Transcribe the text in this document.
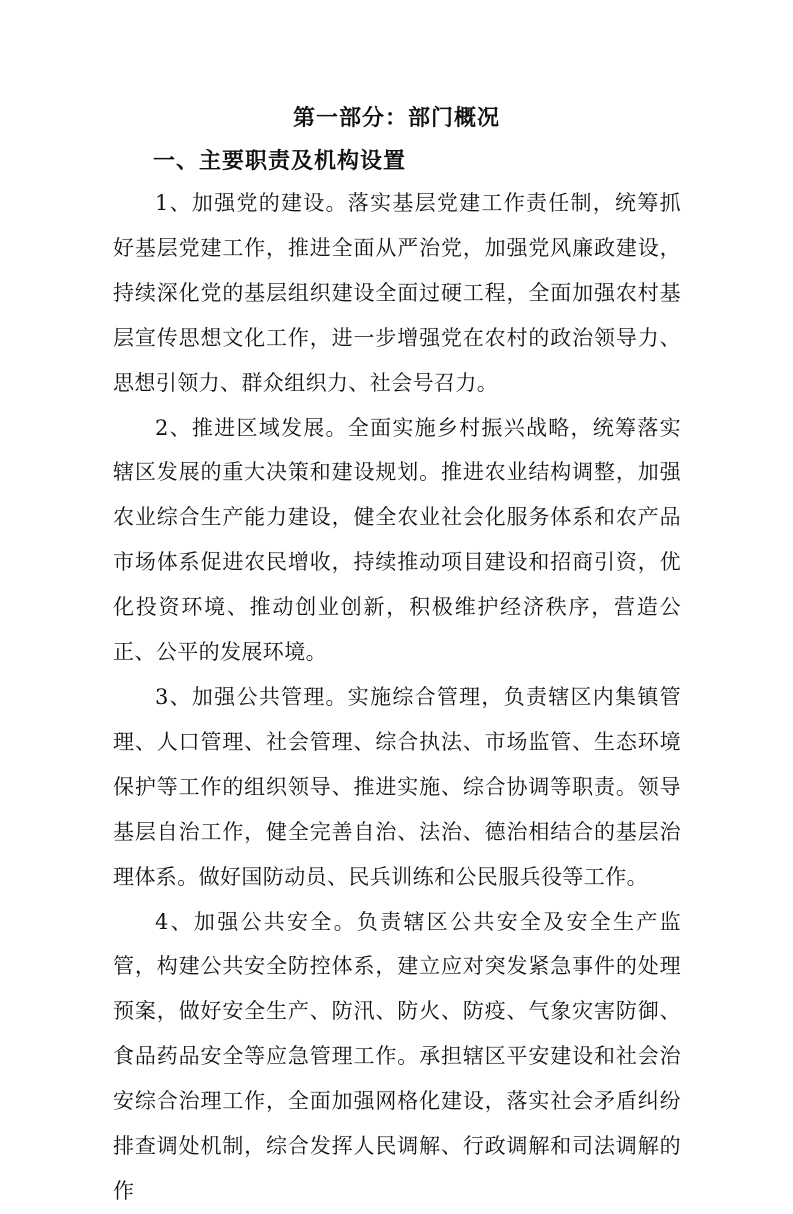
第一部分：部门概况
一、主要职责及机构设置

1、加强党的建设。落实基层党建工作责任制，统筹抓好基层党建工作，推进全面从严治党，加强党风廉政建设，持续深化党的基层组织建设全面过硬工程，全面加强农村基层宣传思想文化工作，进一步增强党在农村的政治领导力、思想引领力、群众组织力、社会号召力。

2、推进区域发展。全面实施乡村振兴战略，统筹落实辖区发展的重大决策和建设规划。推进农业结构调整，加强农业综合生产能力建设，健全农业社会化服务体系和农产品市场体系促进农民增收，持续推动项目建设和招商引资，优化投资环境、推动创业创新，积极维护经济秩序，营造公正、公平的发展环境。

3、加强公共管理。实施综合管理，负责辖区内集镇管理、人口管理、社会管理、综合执法、市场监管、生态环境保护等工作的组织领导、推进实施、综合协调等职责。领导基层自治工作，健全完善自治、法治、德治相结合的基层治理体系。做好国防动员、民兵训练和公民服兵役等工作。

4、加强公共安全。负责辖区公共安全及安全生产监管，构建公共安全防控体系，建立应对突发紧急事件的处理预案，做好安全生产、防汛、防火、防疫、气象灾害防御、食品药品安全等应急管理工作。承担辖区平安建设和社会治安综合治理工作，全面加强网格化建设，落实社会矛盾纠纷排查调处机制，综合发挥人民调解、行政调解和司法调解的作
